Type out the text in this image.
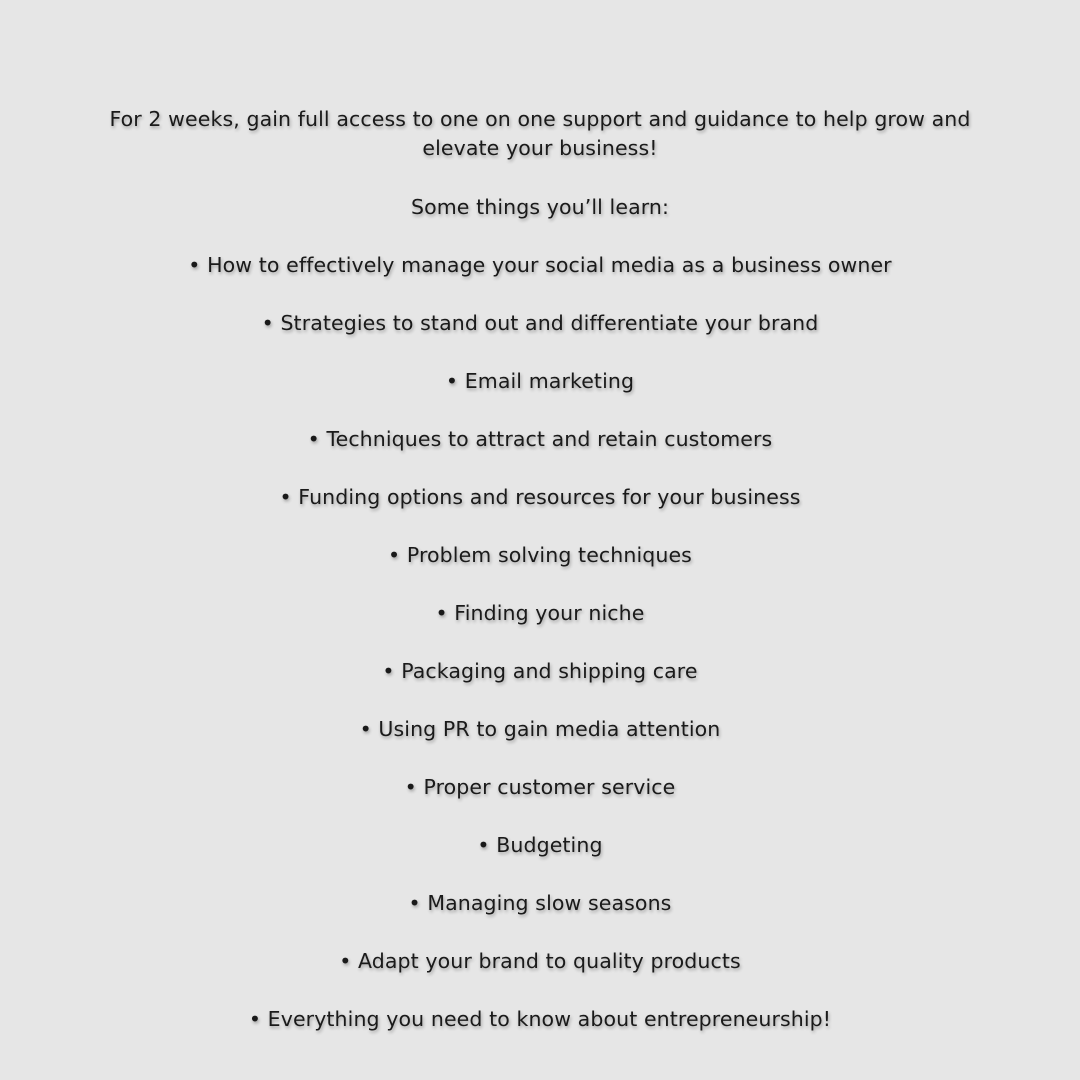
For 2 weeks, gain full access to one on one support and guidance to help grow and elevate your business!
Some things you’ll learn:
• How to effectively manage your social media as a business owner
• Strategies to stand out and differentiate your brand
• Email marketing
• Techniques to attract and retain customers
• Funding options and resources for your business
• Problem solving techniques
• Finding your niche
• Packaging and shipping care
• Using PR to gain media attention
• Proper customer service
• Budgeting
• Managing slow seasons
• Adapt your brand to quality products
• Everything you need to know about entrepreneurship!
